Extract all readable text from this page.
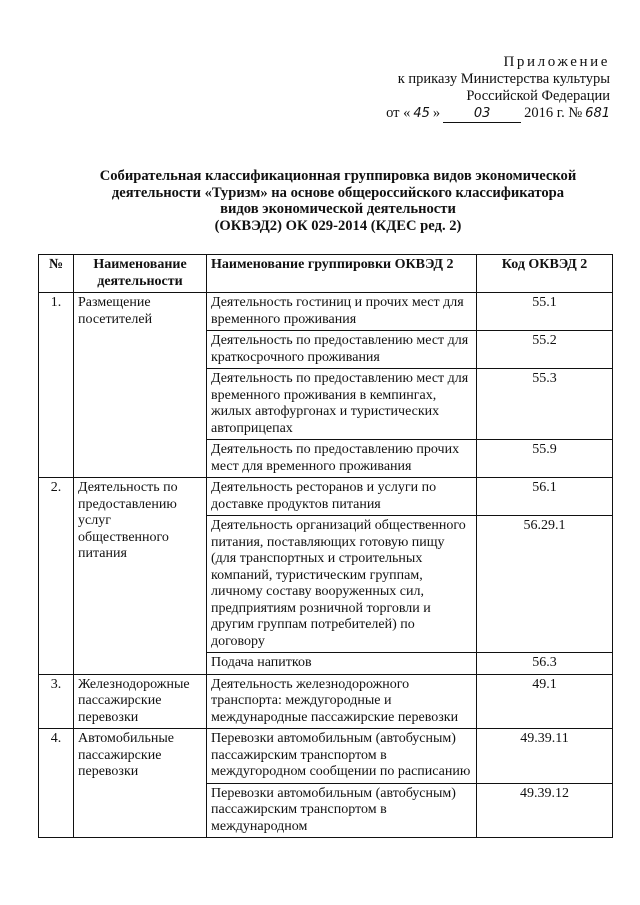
Приложение
к приказу Министерства культуры
Российской Федерации
от « 45 »	03	2016 г. № 681
Собирательная классификационная группировка видов экономической
деятельности «Туризм» на основе общероссийского классификатора
видов экономической деятельности
(ОКВЭД2) ОК 029-2014 (КДЕС ред. 2)
№	Наименование деятельности	Наименование группировки ОКВЭД 2	Код ОКВЭД 2
1.	Размещение посетителей	Деятельность гостиниц и прочих мест для временного проживания	55.1
		Деятельность по предоставлению мест для краткосрочного проживания	55.2
		Деятельность по предоставлению мест для временного проживания в кемпингах, жилых автофургонах и туристических автоприцепах	55.3
		Деятельность по предоставлению прочих мест для временного проживания	55.9
2.	Деятельность по предоставлению услуг общественного питания	Деятельность ресторанов и услуги по доставке продуктов питания	56.1
		Деятельность организаций общественного питания, поставляющих готовую пищу (для транспортных и строительных компаний, туристическим группам, личному составу вооруженных сил, предприятиям розничной торговли и другим группам потребителей) по договору	56.29.1
		Подача напитков	56.3
3.	Железнодорожные пассажирские перевозки	Деятельность железнодорожного транспорта: междугородные и международные пассажирские перевозки	49.1
4.	Автомобильные пассажирские перевозки	Перевозки автомобильным (автобусным) пассажирским транспортом в междугородном сообщении по расписанию	49.39.11
		Перевозки автомобильным (автобусным) пассажирским транспортом в международном	49.39.12
